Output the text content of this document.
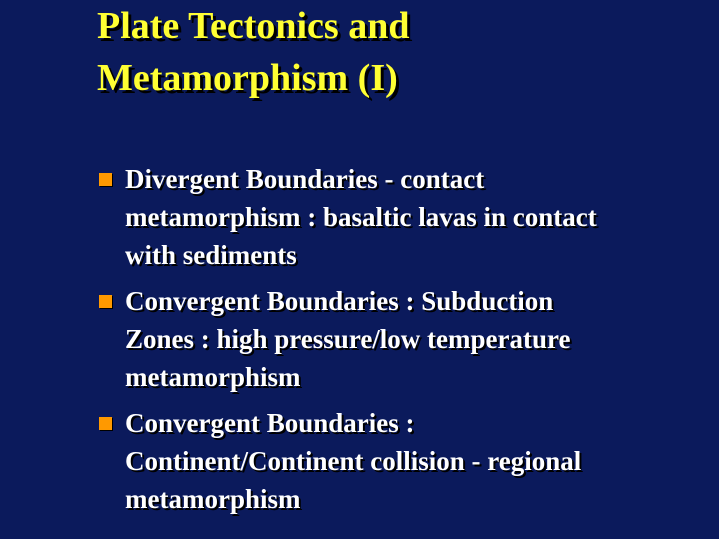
Plate Tectonics and
Metamorphism (I)
Divergent Boundaries - contact
metamorphism : basaltic lavas in contact
with sediments
Convergent Boundaries : Subduction
Zones : high pressure/low temperature
metamorphism
Convergent Boundaries :
Continent/Continent collision - regional
metamorphism
